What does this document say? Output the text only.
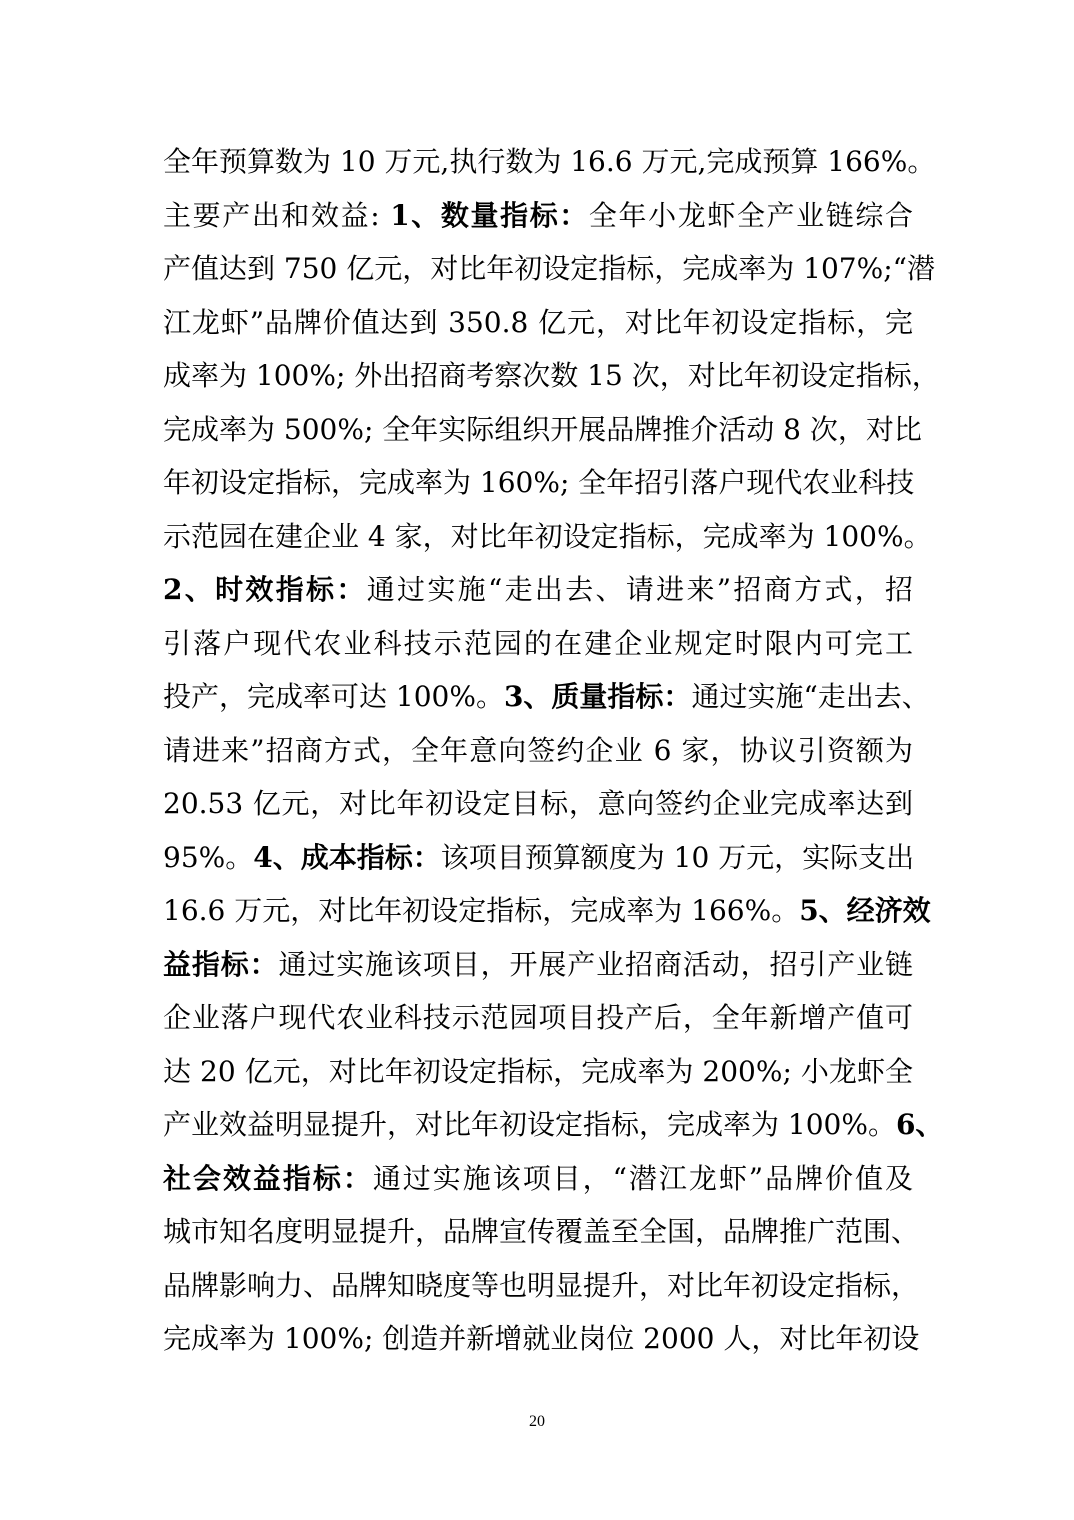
全年预算数为 10 万元,执行数为 16.6 万元,完成预算 166%。
主要产出和效益: 1、数量指标：全年小龙虾全产业链综合
产值达到 750 亿元，对比年初设定指标，完成率为 107%;“潜
江龙虾”品牌价值达到 350.8 亿元，对比年初设定指标，完
成率为 100%; 外出招商考察次数 15 次，对比年初设定指标，
完成率为 500%; 全年实际组织开展品牌推介活动 8 次，对比
年初设定指标，完成率为 160%; 全年招引落户现代农业科技
示范园在建企业 4 家，对比年初设定指标，完成率为 100%。
2、时效指标：通过实施“走出去、请进来”招商方式，招
引落户现代农业科技示范园的在建企业规定时限内可完工
投产，完成率可达 100%。3、质量指标：通过实施“走出去、
请进来”招商方式，全年意向签约企业 6 家，协议引资额为
20.53 亿元，对比年初设定目标，意向签约企业完成率达到
95%。4、成本指标：该项目预算额度为 10 万元，实际支出
16.6 万元，对比年初设定指标，完成率为 166%。5、经济效
益指标：通过实施该项目，开展产业招商活动，招引产业链
企业落户现代农业科技示范园项目投产后，全年新增产值可
达 20 亿元，对比年初设定指标，完成率为 200%; 小龙虾全
产业效益明显提升，对比年初设定指标，完成率为 100%。6、
社会效益指标：通过实施该项目，“潜江龙虾”品牌价值及
城市知名度明显提升，品牌宣传覆盖至全国，品牌推广范围、
品牌影响力、品牌知晓度等也明显提升，对比年初设定指标，
完成率为 100%; 创造并新增就业岗位 2000 人，对比年初设
20
